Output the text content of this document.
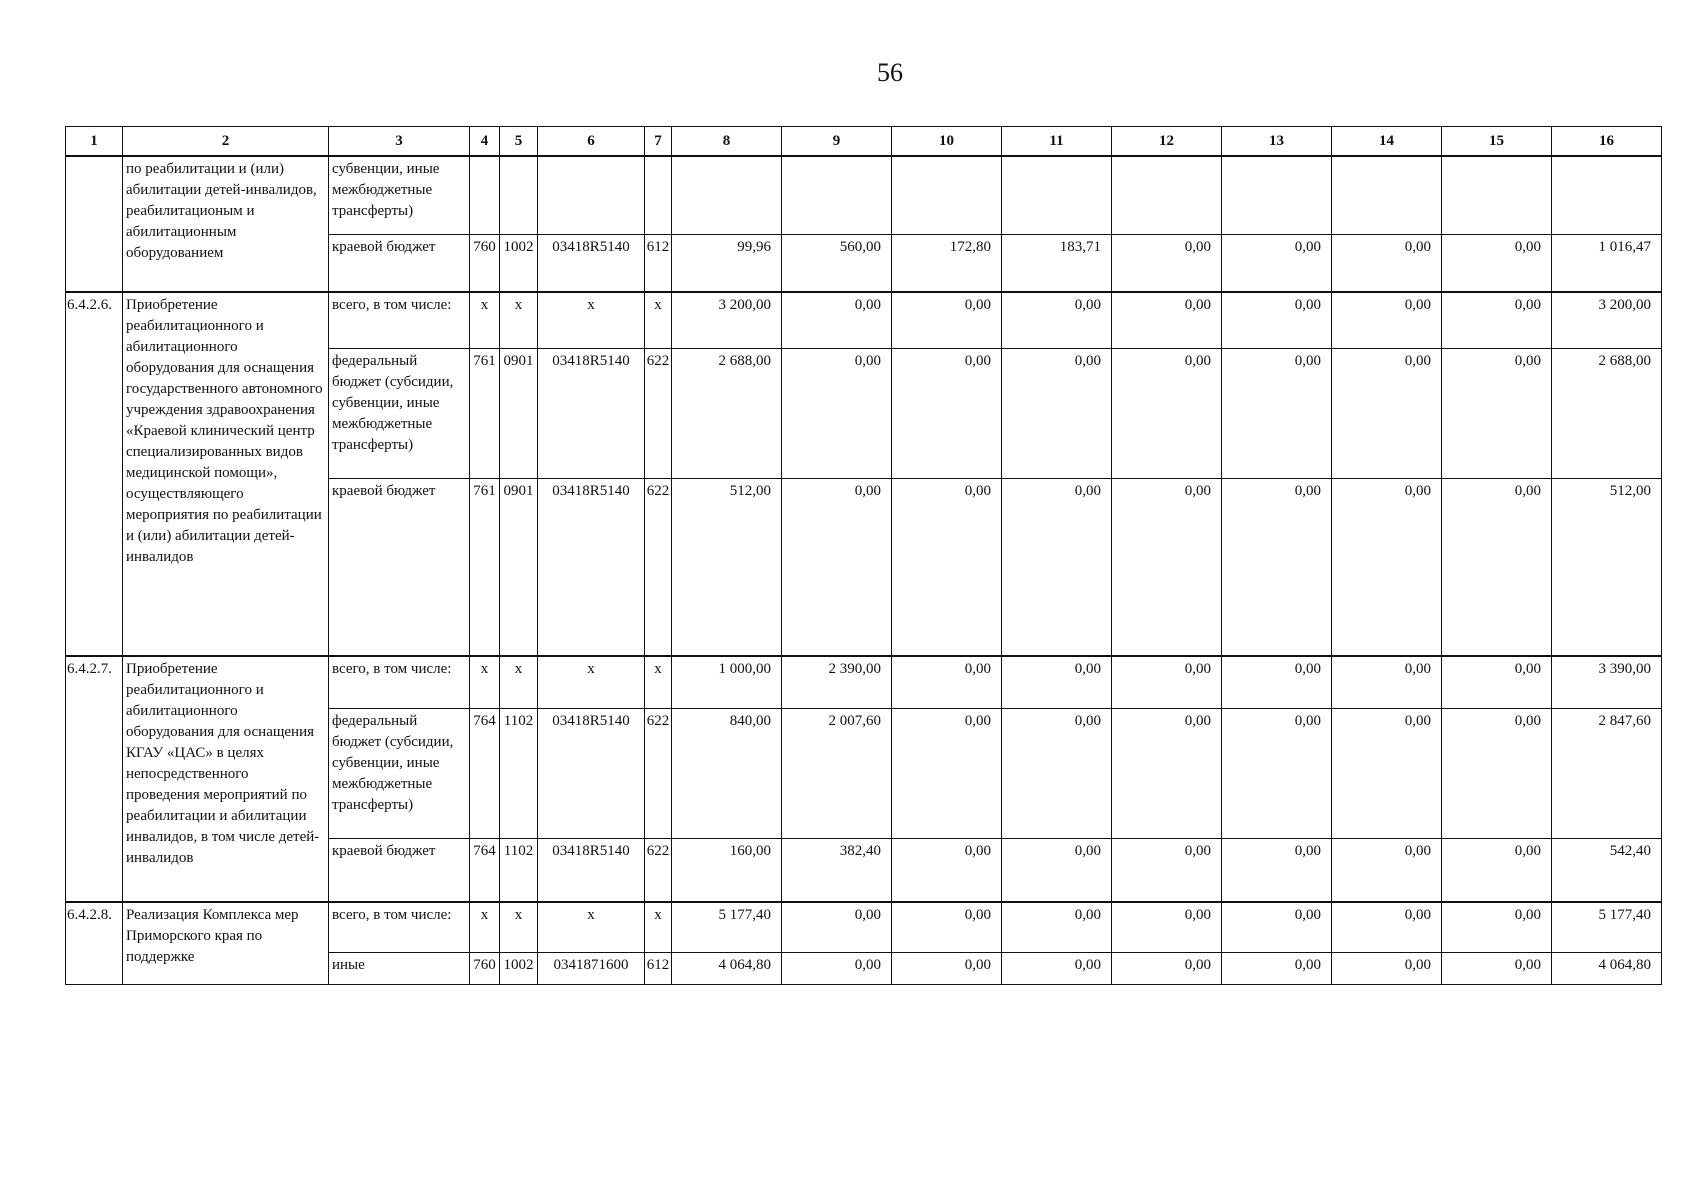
56
1	2	3	4	5	6	7	8	9	10	11	12	13	14	15	16
	по реабилитации и (или) абилитации детей-инвалидов, реабилитационым и абилитационным оборудованием	субвенции, иные межбюджетные трансферты)													
		краевой бюджет	760	1002	03418R5140	612	99,96	560,00	172,80	183,71	0,00	0,00	0,00	0,00	1 016,47
6.4.2.6.	Приобретение реабилитационного и абилитационного оборудования для оснащения государственного автономного учреждения здравоохранения «Краевой клинический центр специализированных видов медицинской помощи», осуществляющего мероприятия по реабилитации и (или) абилитации детей-инвалидов	всего, в том числе:	х	х	х	х	3 200,00	0,00	0,00	0,00	0,00	0,00	0,00	0,00	3 200,00
		федеральный бюджет (субсидии, субвенции, иные межбюджетные трансферты)	761	0901	03418R5140	622	2 688,00	0,00	0,00	0,00	0,00	0,00	0,00	0,00	2 688,00
		краевой бюджет	761	0901	03418R5140	622	512,00	0,00	0,00	0,00	0,00	0,00	0,00	0,00	512,00
6.4.2.7.	Приобретение реабилитационного и абилитационного оборудования для оснащения КГАУ «ЦАС» в целях непосредственного проведения мероприятий по реабилитации и абилитации инвалидов, в том числе детей-инвалидов	всего, в том числе:	х	х	х	х	1 000,00	2 390,00	0,00	0,00	0,00	0,00	0,00	0,00	3 390,00
		федеральный бюджет (субсидии, субвенции, иные межбюджетные трансферты)	764	1102	03418R5140	622	840,00	2 007,60	0,00	0,00	0,00	0,00	0,00	0,00	2 847,60
		краевой бюджет	764	1102	03418R5140	622	160,00	382,40	0,00	0,00	0,00	0,00	0,00	0,00	542,40
6.4.2.8.	Реализация Комплекса мер Приморского края по поддержке	всего, в том числе:	х	х	х	х	5 177,40	0,00	0,00	0,00	0,00	0,00	0,00	0,00	5 177,40
		иные	760	1002	0341871600	612	4 064,80	0,00	0,00	0,00	0,00	0,00	0,00	0,00	4 064,80
